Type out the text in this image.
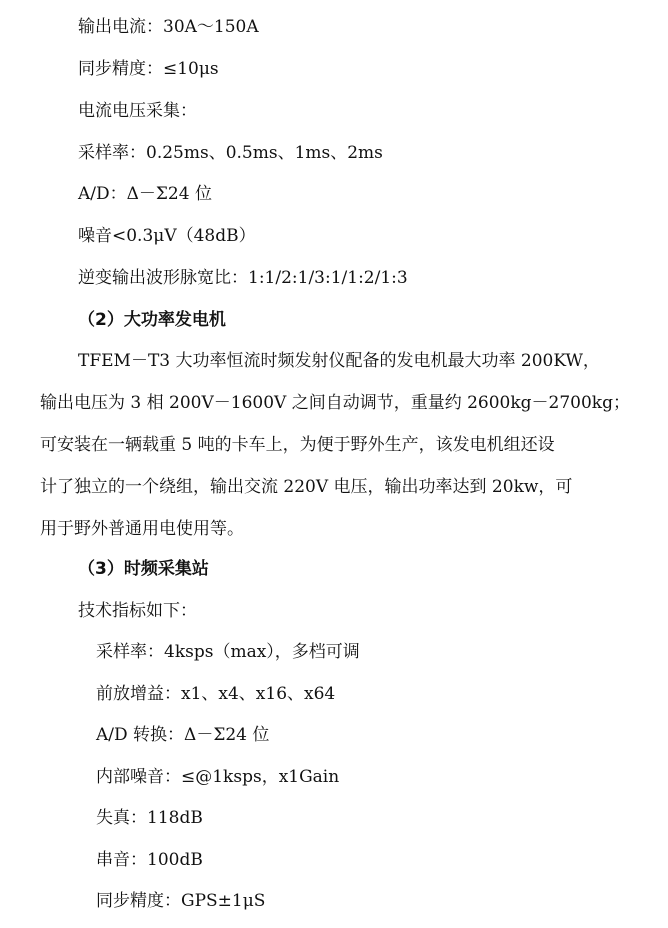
输出电流：30A～150A
同步精度：≤10μs
电流电压采集：
采样率：0.25ms、0.5ms、1ms、2ms
A/D：Δ－Σ24 位
噪音<0.3μV（48dB）
逆变输出波形脉宽比：1:1/2:1/3:1/1:2/1:3
（2）大功率发电机
TFEM－T3 大功率恒流时频发射仪配备的发电机最大功率 200KW，
输出电压为 3 相 200V－1600V 之间自动调节，重量约 2600kg－2700kg；
可安装在一辆载重 5 吨的卡车上，为便于野外生产，该发电机组还设
计了独立的一个绕组，输出交流 220V 电压，输出功率达到 20kw，可
用于野外普通用电使用等。
（3）时频采集站
技术指标如下：
采样率：4ksps（max），多档可调
前放增益：x1、x4、x16、x64
A/D 转换：Δ－Σ24 位
内部噪音：≤@1ksps，x1Gain
失真：118dB
串音：100dB
同步精度：GPS±1μS
